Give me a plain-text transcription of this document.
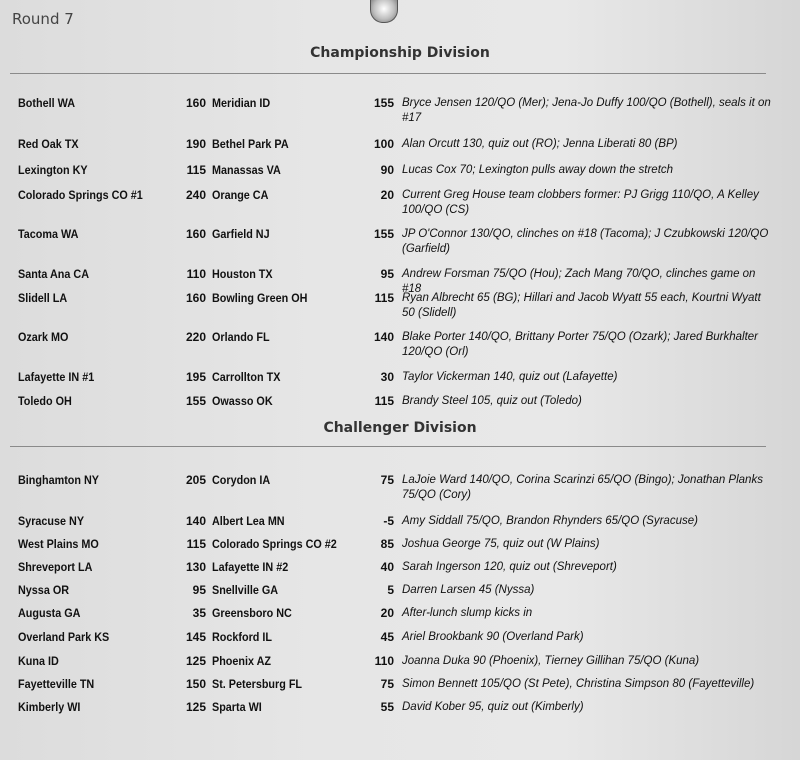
Round 7
Championship Division
Bothell WA	160 Meridian ID	155 Bryce Jensen 120/QO (Mer); Jena-Jo Duffy 100/QO (Bothell), seals it on #17
Red Oak TX	190 Bethel Park PA	100 Alan Orcutt 130, quiz out (RO); Jenna Liberati 80 (BP)
Lexington KY	115 Manassas VA	90 Lucas Cox 70; Lexington pulls away down the stretch
Colorado Springs CO #1	240 Orange CA	20 Current Greg House team clobbers former: PJ Grigg 110/QO, A Kelley 100/QO (CS)
Tacoma WA	160 Garfield NJ	155 JP O'Connor 130/QO, clinches on #18 (Tacoma); J Czubkowski 120/QO (Garfield)
Santa Ana CA	110 Houston TX	95 Andrew Forsman 75/QO (Hou); Zach Mang 70/QO, clinches game on #18
Slidell LA	160 Bowling Green OH	115 Ryan Albrecht 65 (BG); Hillari and Jacob Wyatt 55 each, Kourtni Wyatt 50 (Slidell)
Ozark MO	220 Orlando FL	140 Blake Porter 140/QO, Brittany Porter 75/QO (Ozark); Jared Burkhalter 120/QO (Orl)
Lafayette IN #1	195 Carrollton TX	30 Taylor Vickerman 140, quiz out (Lafayette)
Toledo OH	155 Owasso OK	115 Brandy Steel 105, quiz out (Toledo)
Challenger Division
Binghamton NY	205 Corydon IA	75 LaJoie Ward 140/QO, Corina Scarinzi 65/QO (Bingo); Jonathan Planks 75/QO (Cory)
Syracuse NY	140 Albert Lea MN	-5 Amy Siddall 75/QO, Brandon Rhynders 65/QO (Syracuse)
West Plains MO	115 Colorado Springs CO #2	85 Joshua George 75, quiz out (W Plains)
Shreveport LA	130 Lafayette IN #2	40 Sarah Ingerson 120, quiz out (Shreveport)
Nyssa OR	95 Snellville GA	5 Darren Larsen 45 (Nyssa)
Augusta GA	35 Greensboro NC	20 After-lunch slump kicks in
Overland Park KS	145 Rockford IL	45 Ariel Brookbank 90 (Overland Park)
Kuna ID	125 Phoenix AZ	110 Joanna Duka 90 (Phoenix), Tierney Gillihan 75/QO (Kuna)
Fayetteville TN	150 St. Petersburg FL	75 Simon Bennett 105/QO (St Pete), Christina Simpson 80 (Fayetteville)
Kimberly WI	125 Sparta WI	55 David Kober 95, quiz out (Kimberly)
